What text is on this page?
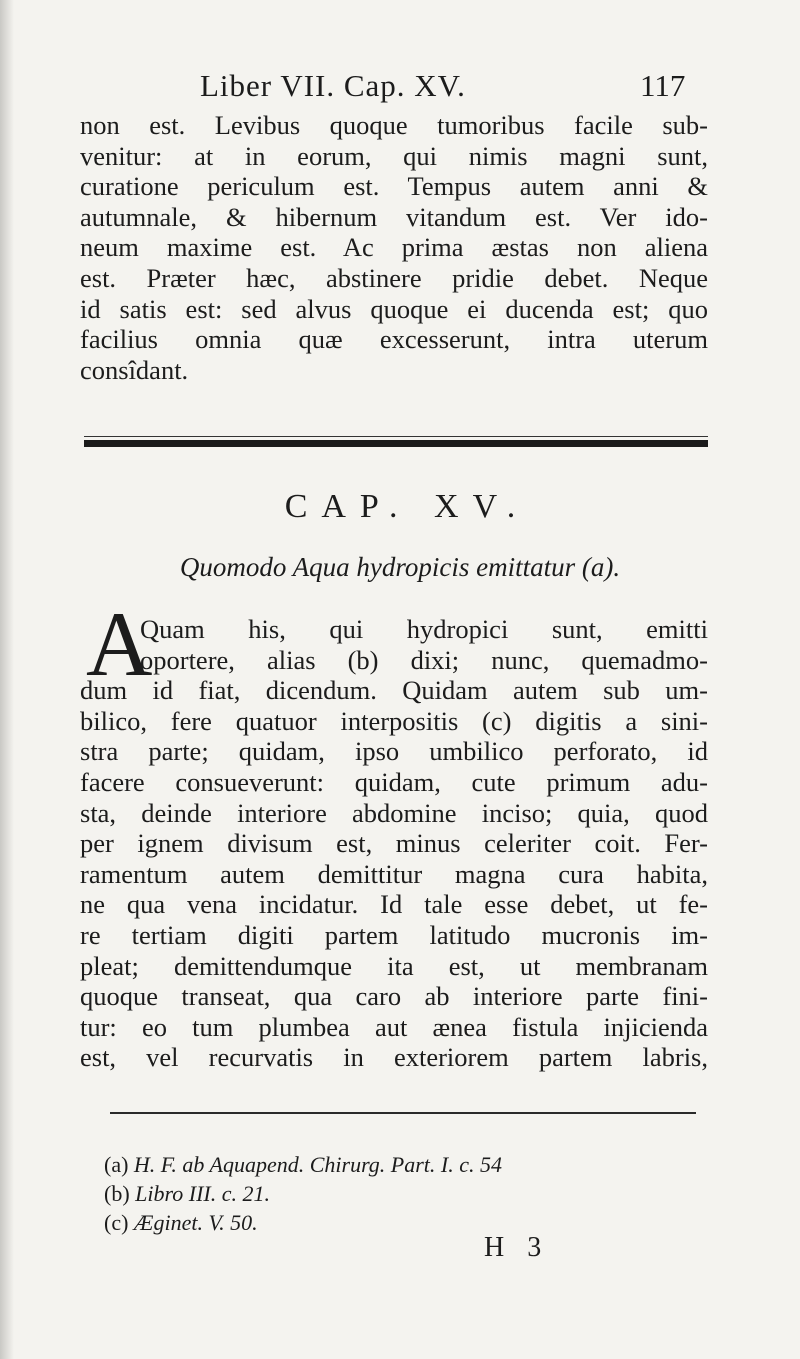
Liber VII. Cap. XV.	117
non est. Levibus quoque tumoribus facile sub-
venitur: at in eorum, qui nimis magni sunt,
curatione periculum est. Tempus autem anni &
autumnale, & hibernum vitandum est. Ver ido-
neum maxime est. Ac prima æstas non aliena
est. Præter hæc, abstinere pridie debet. Neque
id satis est: sed alvus quoque ei ducenda est; quo
facilius omnia quæ excesserunt, intra uterum
consîdant.
CAP. XV.
Quomodo Aqua hydropicis emittatur (a).
A
Quam his, qui hydropici sunt, emitti
oportere, alias (b) dixi; nunc, quemadmo-
dum id fiat, dicendum. Quidam autem sub um-
bilico, fere quatuor interpositis (c) digitis a sini-
stra parte; quidam, ipso umbilico perforato, id
facere consueverunt: quidam, cute primum adu-
sta, deinde interiore abdomine inciso; quia, quod
per ignem divisum est, minus celeriter coit. Fer-
ramentum autem demittitur magna cura habita,
ne qua vena incidatur. Id tale esse debet, ut fe-
re tertiam digiti partem latitudo mucronis im-
pleat; demittendumque ita est, ut membranam
quoque transeat, qua caro ab interiore parte fini-
tur: eo tum plumbea aut ænea fistula injicienda
est, vel recurvatis in exteriorem partem labris,
(a) H. F. ab Aquapend. Chirurg. Part. I. c. 54
(b) Libro III. c. 21.
(c) Æginet. V. 50.
H 3
